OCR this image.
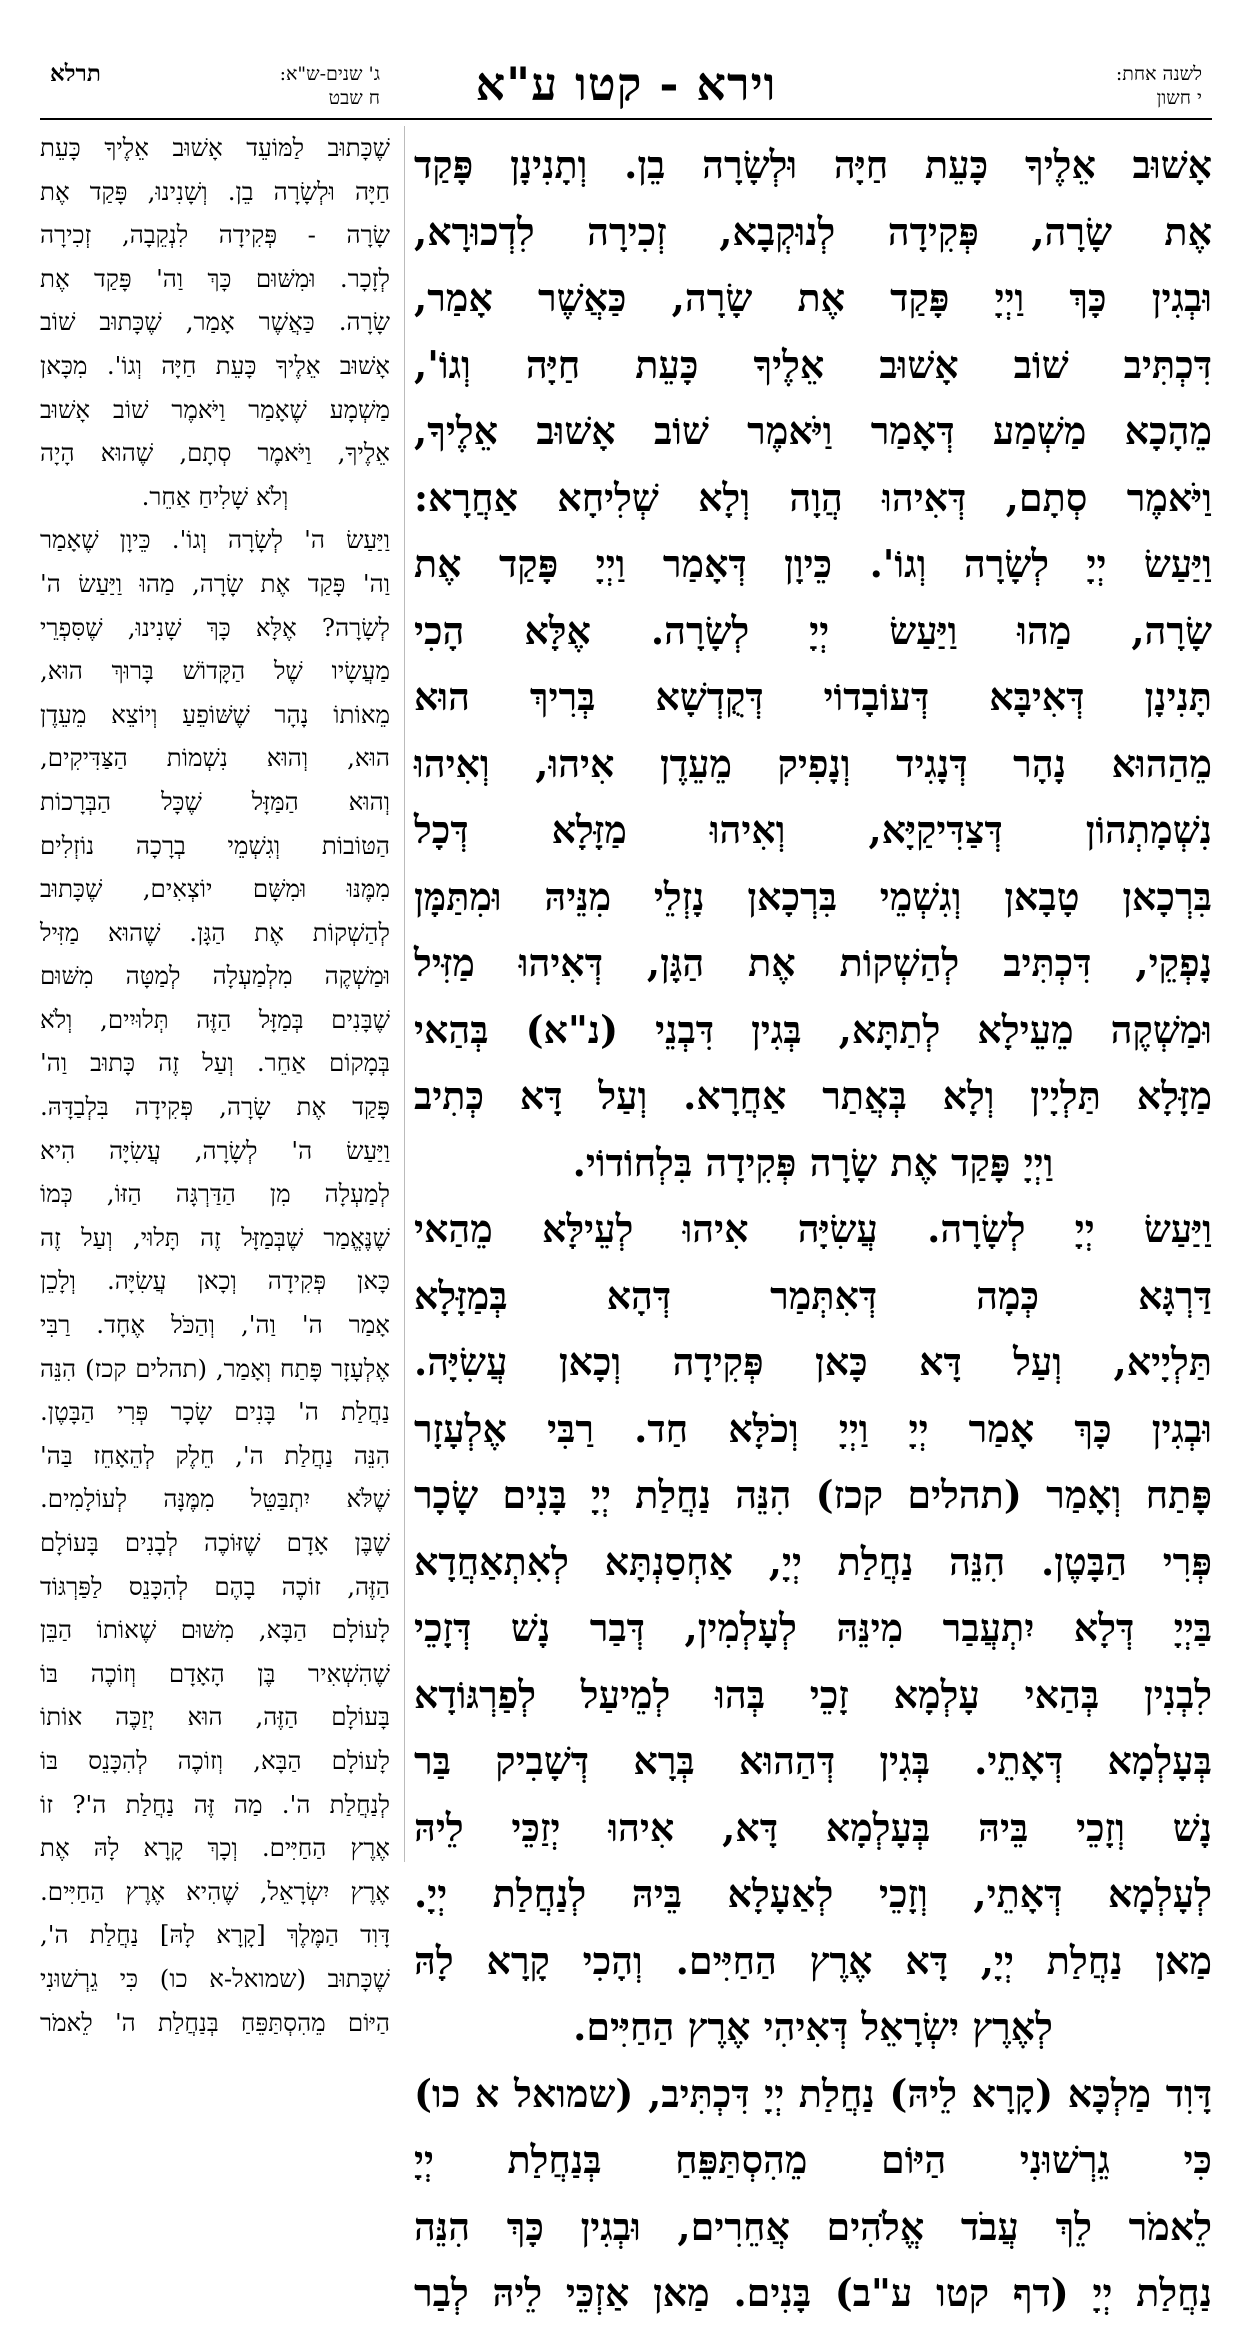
לשנה אחת:
י חשון
וירא - קטו ע"א
ג' שנים-ש"א:
תרלא
ח שבט

אָשׁוּב אֵלֶיךָ כָּעֵת חַיָּה וּלְשָׂרָה בֵן. וְתָנִינָן פָּקַד

אֶת שָׂרָה, פְּקִידָה לְנוּקְבָא, זְכִירָה לִדְכוּרָא,

וּבְגִין כָּךְ וַיְיָ פָּקַד אֶת שָׂרָה, כַּאֲשֶׁר אָמַר,

דִּכְתִּיב שׁוֹב אָשׁוּב אֵלֶיךָ כָּעֵת חַיָּה וְגוֹ',

מֵהָכָא מַשְׁמַע דְּאָמַר וַיֹּאמֶר שׁוֹב אָשׁוּב אֵלֶיךָ,

וַיֹּאמֶר סְתָם, דְּאִיהוּ הֲוָה וְלָא שְׁלִיחָא אַחֲרָא:

וַיַּעַשׂ יְיָ לְשָׂרָה וְגוֹ'. כֵּיוָן דְּאָמַר וַיְיָ פָּקַד אֶת

שָׂרָה, מַהוּ וַיַּעַשׂ יְיָ לְשָׂרָה. אֶלָּא הָכִי

תָּנִינָן דְּאִיבָּא דְּעוֹבָדוֹי דְּקֻדְשָׁא בְּרִיךְ הוּא

מֵהַהוּא נָהָר דְּנָגִיד וְנָפִיק מֵעֵדֶן אִיהוּ, וְאִיהוּ

נִשְׁמָתְהוֹן דְּצַדִּיקַיָּא, וְאִיהוּ מַזָּלָא דְּכָל

בִּרְכָאן טָבָאן וְגִשְׁמֵי בִּרְכָאן נָזְלֵי מִנֵּיהּ וּמִתַּמָּן

נָפְקֵי, דִּכְתִּיב לְהַשְׁקוֹת אֶת הַגָּן, דְּאִיהוּ מַזִּיל

וּמַשְׁקֶה מֵעֵילָא לְתַתָּא, בְּגִין דִּבְנֵי (נ"א) בְּהַאי

מַזָּלָא תַּלְיָין וְלָא בְּאֲתַר אַחֲרָא. וְעַל דָּא כְּתִיב

וַיְיָ פָּקַד אֶת שָׂרָה פְּקִידָה בִּלְחוֹדוֹי.

וַיַּעַשׂ יְיָ לְשָׂרָה. עֲשִׂיָּה אִיהוּ לְעֵילָּא מֵהַאי

דַּרְגָּא כְּמָה דְּאִתְּמַר דְּהָא בְּמַזָּלָא

תַּלְיָיא, וְעַל דָּא כָּאן פְּקִידָה וְכָאן עֲשִׂיָּה.

וּבְגִין כָּךְ אָמַר יְיָ וַיְיָ וְכֹלָּא חַד. רַבִּי אֶלְעָזָר

פָּתַח וְאָמַר (תהלים קכז) הִנֵּה נַחֲלַת יְיָ בָּנִים שָׂכָר

פְּרִי הַבָּטֶן. הִנֵּה נַחֲלַת יְיָ, אַחְסַנְתָּא לְאִתְאַחֲדָא

בַּיְיָ דְּלָא יִתְעֲבַר מִינֵּהּ לְעָלְמִין, דְּבַר נָשׁ דְּזָכֵי

לִבְנִין בְּהַאי עָלְמָא זָכֵי בְּהוּ לְמֵיעַל לְפַרְגּוֹדָא

בְּעָלְמָא דְּאָתֵי. בְּגִין דְּהַהוּא בְּרָא דְּשָׁבִיק בַּר

נָשׁ וְזָכֵי בֵּיהּ בְּעָלְמָא דָּא, אִיהוּ יְזַכֵּי לֵיהּ

לְעָלְמָא דְּאָתֵי, וְזָכֵי לְאַעָלָא בֵּיהּ לְנַחֲלַת יְיָ.

מַאן נַחֲלַת יְיָ, דָּא אֶרֶץ הַחַיִּים. וְהָכִי קָרָא לָהּ

לְאֶרֶץ יִשְׂרָאֵל דְּאִיהִי אֶרֶץ הַחַיִּים.

דָּוִד מַלְכָּא (קָרָא לֵיהּ) נַחֲלַת יְיָ דִּכְתִּיב, (שמואל א כו)

כִּי גֵרְשׁוּנִי הַיּוֹם מֵהִסְתַּפֵּחַ בְּנַחֲלַת יְיָ

לֵאמֹר לֵךְ עֲבֹד אֱלֹהִים אֲחֵרִים, וּבְגִין כָּךְ הִנֵּה

נַחֲלַת יְיָ (דף קטו ע"ב) בָּנִים. מַאן אַזְכֵּי לֵיהּ לְבַר

שֶׁכָּתוּב לַמּוֹעֵד אָשׁוּב אֵלֶיךָ כָּעֵת

חַיָּה וּלְשָׂרָה בֵן. וְשָׁנִינוּ, פָּקַד אֶת

שָׂרָה - פְּקִידָה לִנְקֵבָה, זְכִירָה

לְזָכָר. וּמִשּׁוּם כָּךְ וַה' פָּקַד אֶת

שָׂרָה. כַּאֲשֶׁר אָמַר, שֶׁכָּתוּב שׁוֹב

אָשׁוּב אֵלֶיךָ כָּעֵת חַיָּה וְגוֹ'. מִכָּאן

מַשְׁמָע שֶׁאָמַר וַיֹּאמֶר שׁוֹב אָשׁוּב

אֵלֶיךָ, וַיֹּאמֶר סְתָם, שֶׁהוּא הָיָה

וְלֹא שָׁלִיחַ אַחֵר.

וַיַּעַשׂ ה' לְשָׂרָה וְגוֹ'. כֵּיוָן שֶׁאָמַר

וַה' פָּקַד אֶת שָׂרָה, מַהוּ וַיַּעַשׂ ה'

לְשָׂרָה? אֶלָּא כָּךְ שָׁנִינוּ, שֶׁסִּפְרֵי

מַעֲשָׂיו שֶׁל הַקָּדוֹשׁ בָּרוּךְ הוּא,

מֵאוֹתוֹ נָהָר שֶׁשּׁוֹפֵעַ וְיוֹצֵא מֵעֵדֶן

הוּא, וְהוּא נִשְׁמוֹת הַצַּדִּיקִים,

וְהוּא הַמַּזָּל שֶׁכָּל הַבְּרָכוֹת

הַטּוֹבוֹת וְגִשְׁמֵי בְרָכָה נוֹזְלִים

מִמֶּנּוּ וּמִשָּׁם יוֹצְאִים, שֶׁכָּתוּב

לְהַשְׁקוֹת אֶת הַגָּן. שֶׁהוּא מַזִּיל

וּמַשְׁקֶה מִלְמַעְלָה לְמַטָּה מִשּׁוּם

שֶׁבָּנִים בְּמַזָּל הַזֶּה תְּלוּיִים, וְלֹא

בְּמָקוֹם אַחֵר. וְעַל זֶה כָּתוּב וַה'

פָּקַד אֶת שָׂרָה, פְּקִידָה בִּלְבַדָּהּ.

וַיַּעַשׂ ה' לְשָׂרָה, עֲשִׂיָּה הִיא

לְמַעְלָה מִן הַדַּרְגָּה הַזּוֹ, כְּמוֹ

שֶׁנֶּאֱמַר שֶׁבְּמַזָּל זֶה תָּלוּי, וְעַל זֶה

כָּאן פְּקִידָה וְכָאן עֲשִׂיָּה. וְלָכֵן

אָמַר ה' וַה', וְהַכֹּל אֶחָד. רַבִּי

אֶלְעָזָר פָּתַח וְאָמַר, (תהלים קכז) הִנֵּה

נַחֲלַת ה' בָּנִים שָׂכָר פְּרִי הַבָּטֶן.

הִנֵּה נַחֲלַת ה', חֵלֶק לְהֵאָחֵז בַּה'

שֶׁלֹּא יִתְבַּטֵּל מִמֶּנָּה לְעוֹלָמִים.

שֶׁבֶּן אָדָם שֶׁזּוֹכֶה לְבָנִים בָּעוֹלָם

הַזֶּה, זוֹכֶה בָהֶם לְהִכָּנֵס לַפַּרְגּוֹד

לָעוֹלָם הַבָּא, מִשּׁוּם שֶׁאוֹתוֹ הַבֵּן

שֶׁהִשְׁאִיר בֶּן הָאָדָם וְזוֹכֶה בּוֹ

בָּעוֹלָם הַזֶּה, הוּא יְזַכֶּה אוֹתוֹ

לָעוֹלָם הַבָּא, וְזוֹכֶה לְהִכָּנֵס בּוֹ

לְנַחֲלַת ה'. מַה זֶּה נַחֲלַת ה'? זוֹ

אֶרֶץ הַחַיִּים. וְכָךְ קָרָא לָהּ אֶת

אֶרֶץ יִשְׂרָאֵל, שֶׁהִיא אֶרֶץ הַחַיִּים.

דָּוִד הַמֶּלֶךְ [קָרָא לָהּ] נַחֲלַת ה',

שֶׁכָּתוּב (שמואל-א כו) כִּי גֵרְשׁוּנִי

הַיּוֹם מֵהִסְתַּפֵּחַ בְּנַחֲלַת ה' לֵאמֹר
